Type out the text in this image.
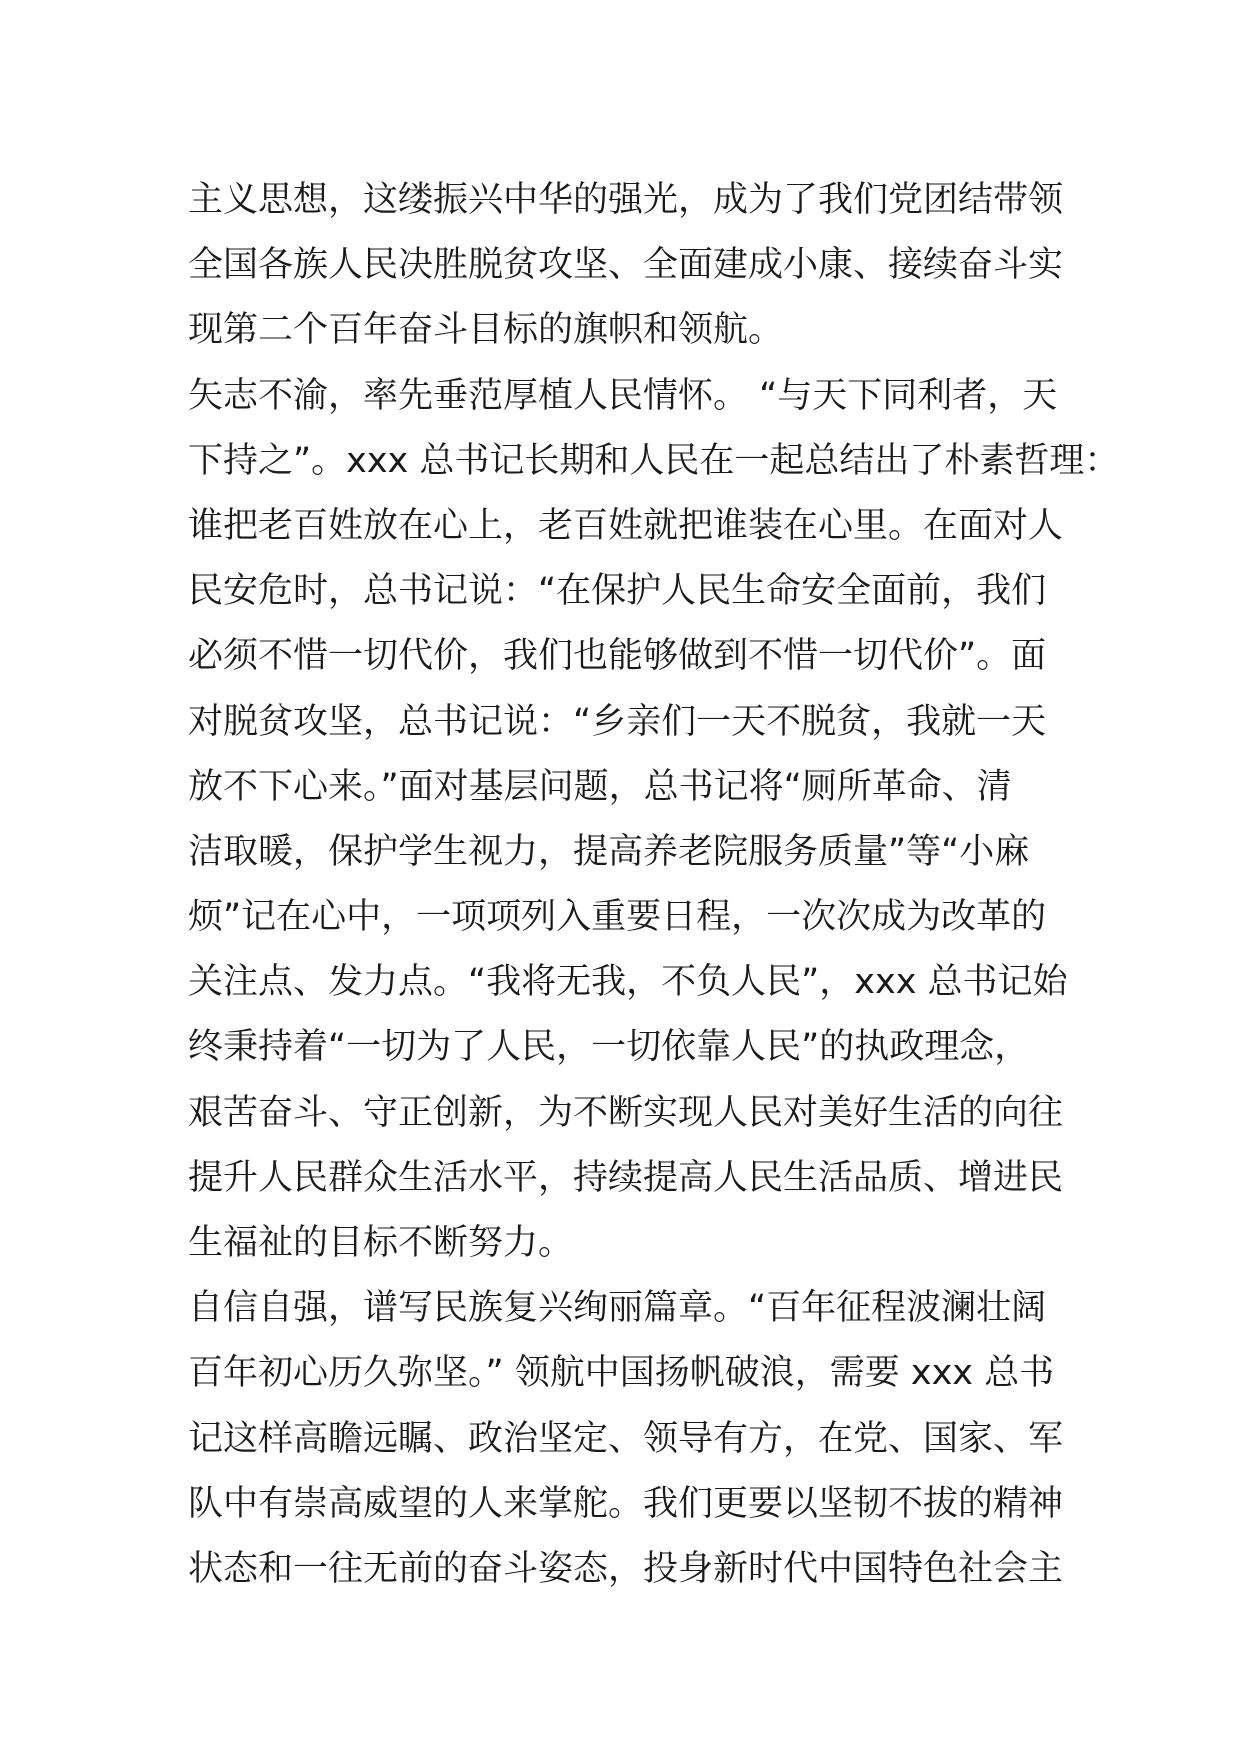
主义思想，这缕振兴中华的强光，成为了我们党团结带领
全国各族人民决胜脱贫攻坚、全面建成小康、接续奋斗实
现第二个百年奋斗目标的旗帜和领航。
矢志不渝，率先垂范厚植人民情怀。 “与天下同利者，天
下持之”。xxx 总书记长期和人民在一起总结出了朴素哲理：
谁把老百姓放在心上，老百姓就把谁装在心里。在面对人
民安危时，总书记说：“在保护人民生命安全面前，我们
必须不惜一切代价，我们也能够做到不惜一切代价”。面
对脱贫攻坚，总书记说：“乡亲们一天不脱贫，我就一天
放不下心来。”面对基层问题，总书记将“厕所革命、清
洁取暖，保护学生视力，提高养老院服务质量”等“小麻
烦”记在心中，一项项列入重要日程，一次次成为改革的
关注点、发力点。“我将无我，不负人民”，xxx 总书记始
终秉持着“一切为了人民，一切依靠人民”的执政理念，
艰苦奋斗、守正创新，为不断实现人民对美好生活的向往
提升人民群众生活水平，持续提高人民生活品质、增进民
生福祉的目标不断努力。
自信自强，谱写民族复兴绚丽篇章。“百年征程波澜壮阔
百年初心历久弥坚。” 领航中国扬帆破浪，需要 xxx 总书
记这样高瞻远瞩、政治坚定、领导有方，在党、国家、军
队中有崇高威望的人来掌舵。我们更要以坚韧不拔的精神
状态和一往无前的奋斗姿态，投身新时代中国特色社会主
